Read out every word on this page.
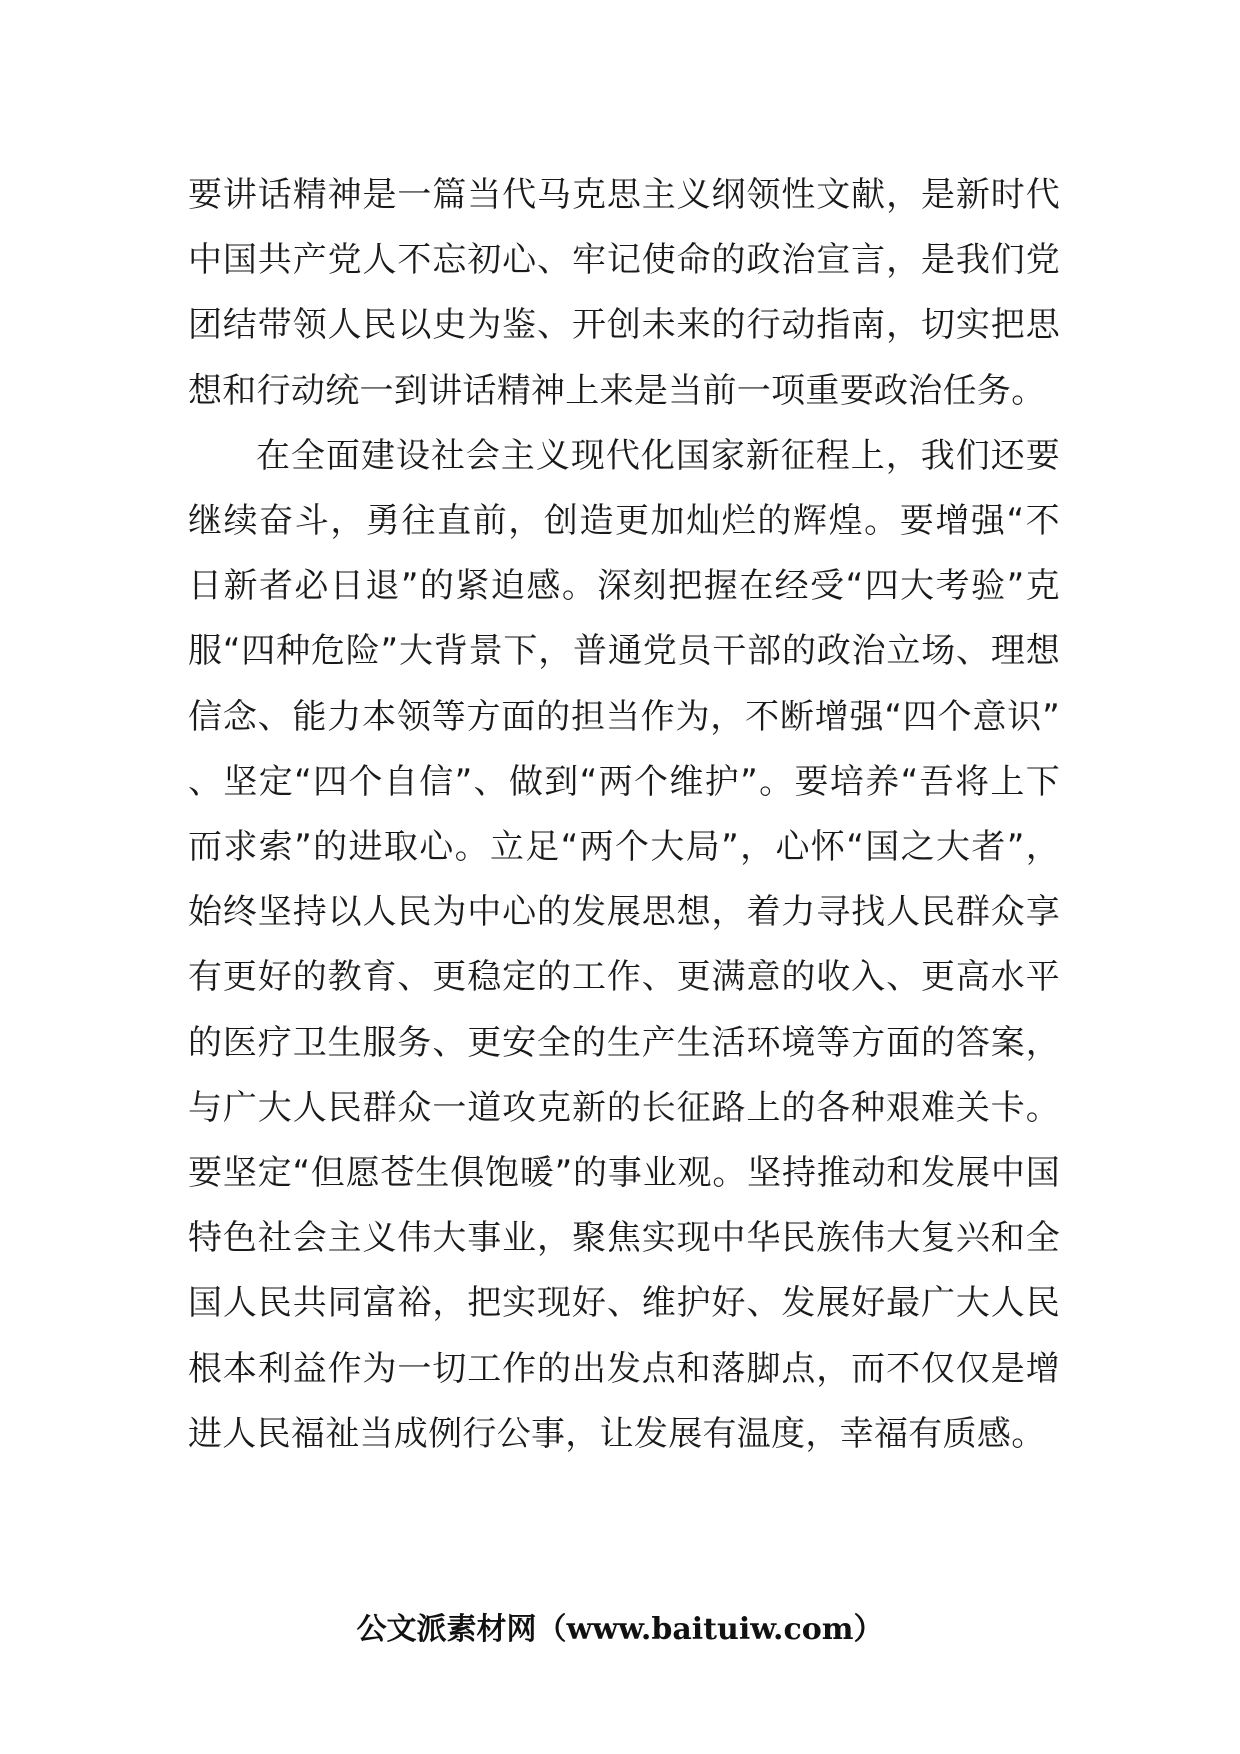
要讲话精神是一篇当代马克思主义纲领性文献，是新时代中国共产党人不忘初心、牢记使命的政治宣言，是我们党团结带领人民以史为鉴、开创未来的行动指南，切实把思想和行动统一到讲话精神上来是当前一项重要政治任务。

在全面建设社会主义现代化国家新征程上，我们还要继续奋斗，勇往直前，创造更加灿烂的辉煌。要增强“不日新者必日退”的紧迫感。深刻把握在经受“四大考验”克服“四种危险”大背景下，普通党员干部的政治立场、理想信念、能力本领等方面的担当作为，不断增强“四个意识”、坚定“四个自信”、做到“两个维护”。要培养“吾将上下而求索”的进取心。立足“两个大局”，心怀“国之大者”，始终坚持以人民为中心的发展思想，着力寻找人民群众享有更好的教育、更稳定的工作、更满意的收入、更高水平的医疗卫生服务、更安全的生产生活环境等方面的答案，与广大人民群众一道攻克新的长征路上的各种艰难关卡。要坚定“但愿苍生俱饱暖”的事业观。坚持推动和发展中国特色社会主义伟大事业，聚焦实现中华民族伟大复兴和全国人民共同富裕，把实现好、维护好、发展好最广大人民根本利益作为一切工作的出发点和落脚点，而不仅仅是增进人民福祉当成例行公事，让发展有温度，幸福有质感。

公文派素材网（www.baituiw.com）
